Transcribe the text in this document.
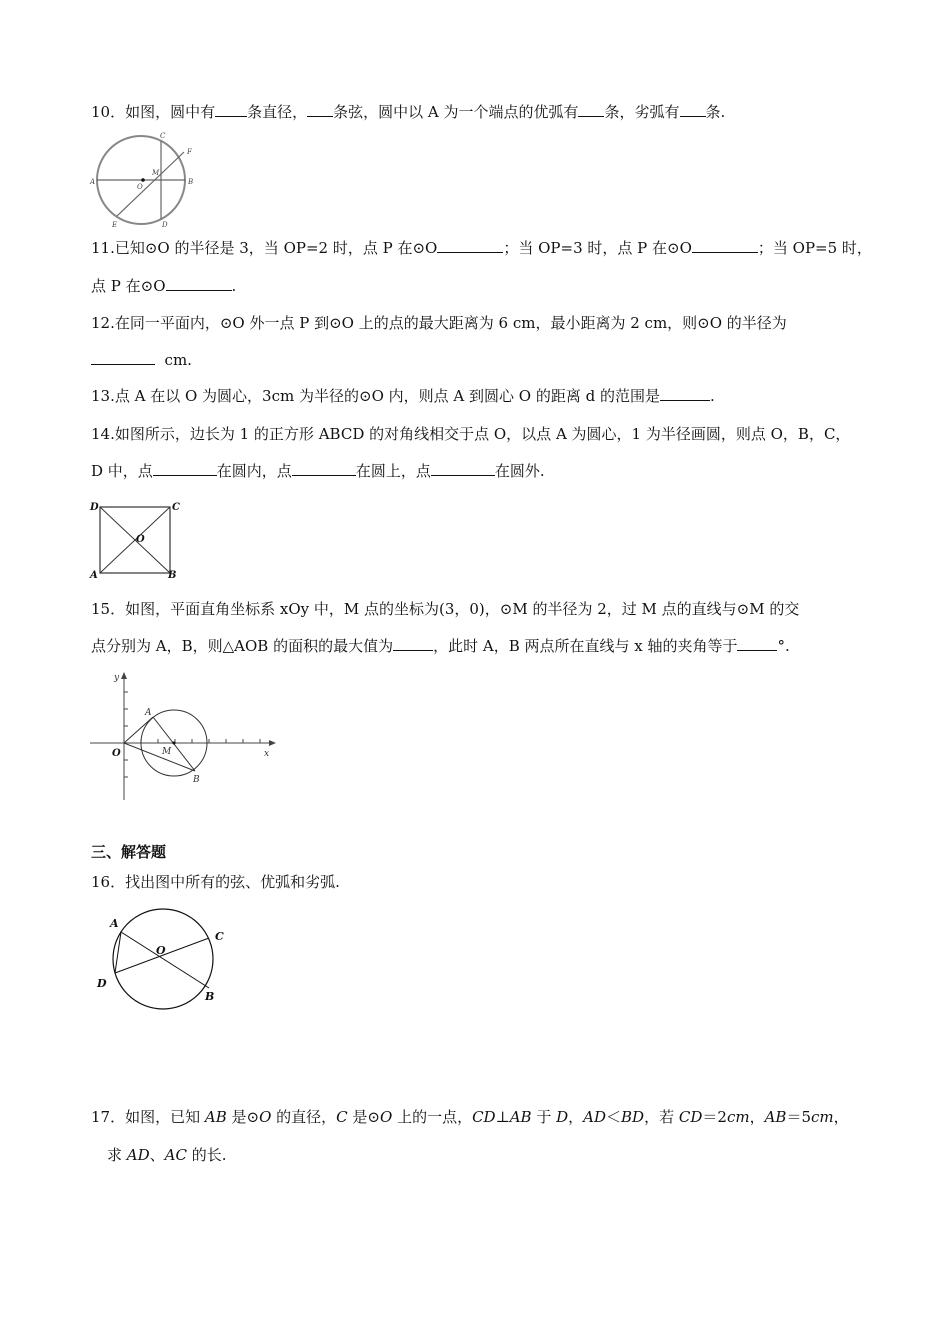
10．如图，圆中有 条直径， 条弦，圆中以 A 为一个端点的优弧有 条，劣弧有 条.
A	B
C
D
E
F
M
O
11.已知⊙O 的半径是 3，当 OP=2 时，点 P 在⊙O	；当 OP=3 时，点 P 在⊙O	；当 OP=5 时，
点 P 在⊙O	.
12.在同一平面内，⊙O 外一点 P 到⊙O 上的点的最大距离为 6 cm，最小距离为 2 cm，则⊙O 的半径为
cm.
13.点 A 在以 O 为圆心，3cm 为半径的⊙O 内，则点 A 到圆心 O 的距离 d 的范围是	.
14.如图所示，边长为 1 的正方形 ABCD 的对角线相交于点 O，以点 A 为圆心，1 为半径画圆，则点 O，B，C，
D 中，点	在圆内，点	在圆上，点	在圆外.
D	C
A	B
O
15．如图，平面直角坐标系 xOy 中，M 点的坐标为(3，0)，⊙M 的半径为 2，过 M 点的直线与⊙M 的交
点分别为 A，B，则△AOB 的面积的最大值为	，此时 A，B 两点所在直线与 x 轴的夹角等于	°.
y
x
O
A
B
M
三、解答题
16．找出图中所有的弦、优弧和劣弧.
A
C
D
B
O
17．如图，已知 AB 是⊙O 的直径，C 是⊙O 上的一点，CD⊥AB 于 D，AD＜BD，若 CD＝2cm，AB＝5cm，
求 AD、AC 的长.
